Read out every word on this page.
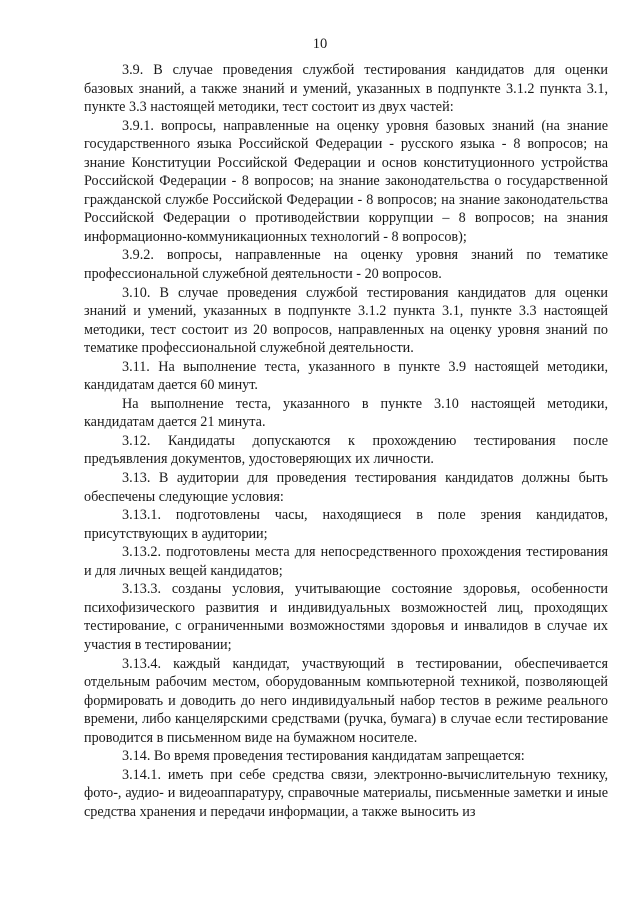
10

3.9. В случае проведения службой тестирования кандидатов для оценки базовых знаний, а также знаний и умений, указанных в подпункте 3.1.2 пункта 3.1, пункте 3.3 настоящей методики, тест состоит из двух частей:

3.9.1. вопросы, направленные на оценку уровня базовых знаний (на знание государственного языка Российской Федерации - русского языка - 8 вопросов; на знание Конституции Российской Федерации и основ конституционного устройства Российской Федерации - 8 вопросов; на знание законодательства о государственной гражданской службе Российской Федерации - 8 вопросов; на знание законодательства Российской Федерации о противодействии коррупции – 8 вопросов; на знания информационно-коммуникационных технологий - 8 вопросов);

3.9.2. вопросы, направленные на оценку уровня знаний по тематике профессиональной служебной деятельности - 20 вопросов.

3.10. В случае проведения службой тестирования кандидатов для оценки знаний и умений, указанных в подпункте 3.1.2 пункта 3.1, пункте 3.3 настоящей методики, тест состоит из 20 вопросов, направленных на оценку уровня знаний по тематике профессиональной служебной деятельности.

3.11. На выполнение теста, указанного в пункте 3.9 настоящей методики, кандидатам дается 60 минут.

На выполнение теста, указанного в пункте 3.10 настоящей методики, кандидатам дается 21 минута.

3.12. Кандидаты допускаются к прохождению тестирования после предъявления документов, удостоверяющих их личности.

3.13. В аудитории для проведения тестирования кандидатов должны быть обеспечены следующие условия:

3.13.1. подготовлены часы, находящиеся в поле зрения кандидатов, присутствующих в аудитории;

3.13.2. подготовлены места для непосредственного прохождения тестирования и для личных вещей кандидатов;

3.13.3. созданы условия, учитывающие состояние здоровья, особенности психофизического развития и индивидуальных возможностей лиц, проходящих тестирование, с ограниченными возможностями здоровья и инвалидов в случае их участия в тестировании;

3.13.4. каждый кандидат, участвующий в тестировании, обеспечивается отдельным рабочим местом, оборудованным компьютерной техникой, позволяющей формировать и доводить до него индивидуальный набор тестов в режиме реального времени, либо канцелярскими средствами (ручка, бумага) в случае если тестирование проводится в письменном виде на бумажном носителе.

3.14. Во время проведения тестирования кандидатам запрещается:

3.14.1. иметь при себе средства связи, электронно-вычислительную технику, фото-, аудио- и видеоаппаратуру, справочные материалы, письменные заметки и иные средства хранения и передачи информации, а также выносить из
